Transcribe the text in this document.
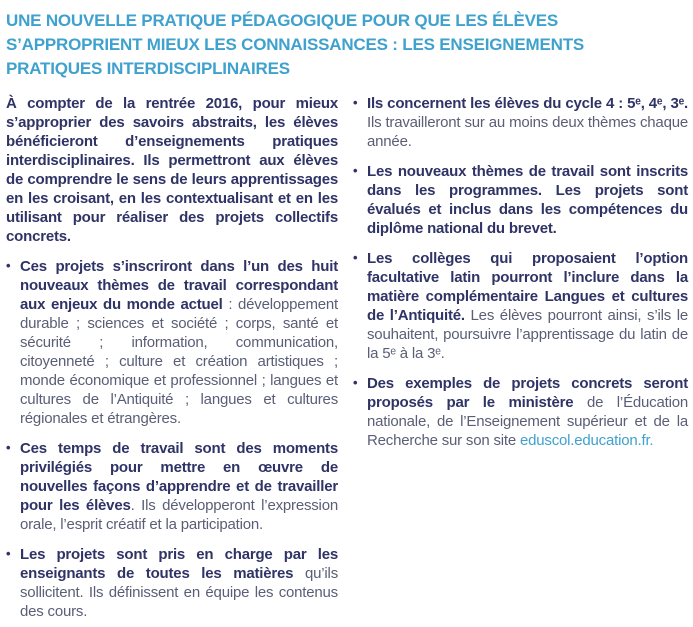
UNE NOUVELLE PRATIQUE PÉDAGOGIQUE POUR QUE LES ÉLÈVES S’APPROPRIENT MIEUX LES CONNAISSANCES : LES ENSEIGNEMENTS PRATIQUES INTERDISCIPLINAIRES

À compter de la rentrée 2016, pour mieux s’approprier des savoirs abstraits, les élèves bénéficieront d’enseignements pratiques interdisciplinaires. Ils permettront aux élèves de comprendre le sens de leurs apprentissages en les croisant, en les contextualisant et en les utilisant pour réaliser des projets collectifs concrets.

•

Ces projets s’inscriront dans l’un des huit nouveaux thèmes de travail correspondant aux enjeux du monde actuel : développement durable ; sciences et société ; corps, santé et sécurité ; information, communication, citoyenneté ; culture et création artistiques ; monde économique et professionnel ; langues et cultures de l’Antiquité ; langues et cultures régionales et étrangères.

•

Ces temps de travail sont des moments privilégiés pour mettre en œuvre de nouvelles façons d’apprendre et de travailler pour les élèves. Ils développeront l’expression orale, l’esprit créatif et la participation.

•

Les projets sont pris en charge par les enseignants de toutes les matières qu’ils sollicitent. Ils définissent en équipe les contenus des cours.

•

Ils concernent les élèves du cycle 4 : 5ᵉ, 4ᵉ, 3ᵉ. Ils travailleront sur au moins deux thèmes chaque année.

•

Les nouveaux thèmes de travail sont inscrits dans les programmes. Les projets sont évalués et inclus dans les compétences du diplôme national du brevet.

•

Les collèges qui proposaient l’option facultative latin pourront l’inclure dans la matière complémentaire Langues et cultures de l’Antiquité. Les élèves pourront ainsi, s’ils le souhaitent, poursuivre l’apprentissage du latin de la 5ᵉ à la 3ᵉ.

•

Des exemples de projets concrets seront proposés par le ministère de l’Éducation nationale, de l’Enseignement supérieur et de la Recherche sur son site eduscol.education.fr.
